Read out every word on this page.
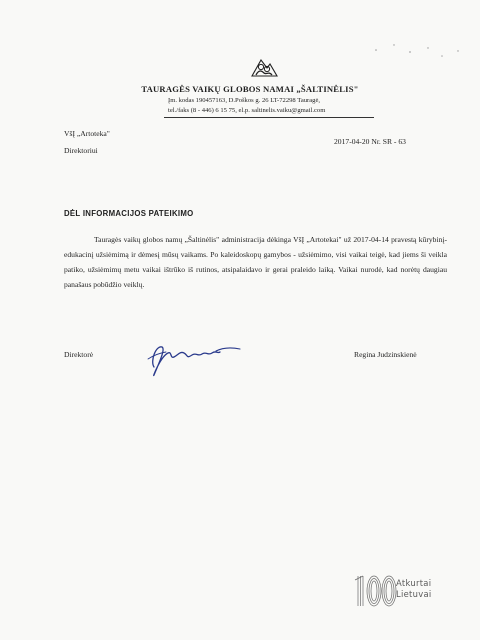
TAURAGĖS VAIKŲ GLOBOS NAMAI „ŠALTINĖLIS"
Įm. kodas 190457163, D.Poškos g. 26 LT-72298 Tauragė,
tel./faks (8 - 446) 6 15 75, el.p. saltinelis.vaiku@gmail.com
VšĮ „Artoteka"
Direktoriui
2017-04-20 Nr. SR - 63
DĖL INFORMACIJOS PATEIKIMO

Tauragės vaikų globos namų „Šaltinėlis" administracija dėkinga VšĮ „Artotekai" už 2017-04-14 pravestą kūrybinį-edukacinį užsiėmimą ir dėmesį mūsų vaikams. Po kaleidoskopų gamybos - užsiėmimo, visi vaikai teigė, kad jiems ši veikla patiko, užsiėmimų metu vaikai ištrūko iš rutinos, atsipalaidavo ir gerai praleido laiką. Vaikai nurodė, kad norėtų daugiau panašaus pobūdžio veiklų.

Direktorė	Regina Judzinskienė
Atkurtai
Lietuvai
